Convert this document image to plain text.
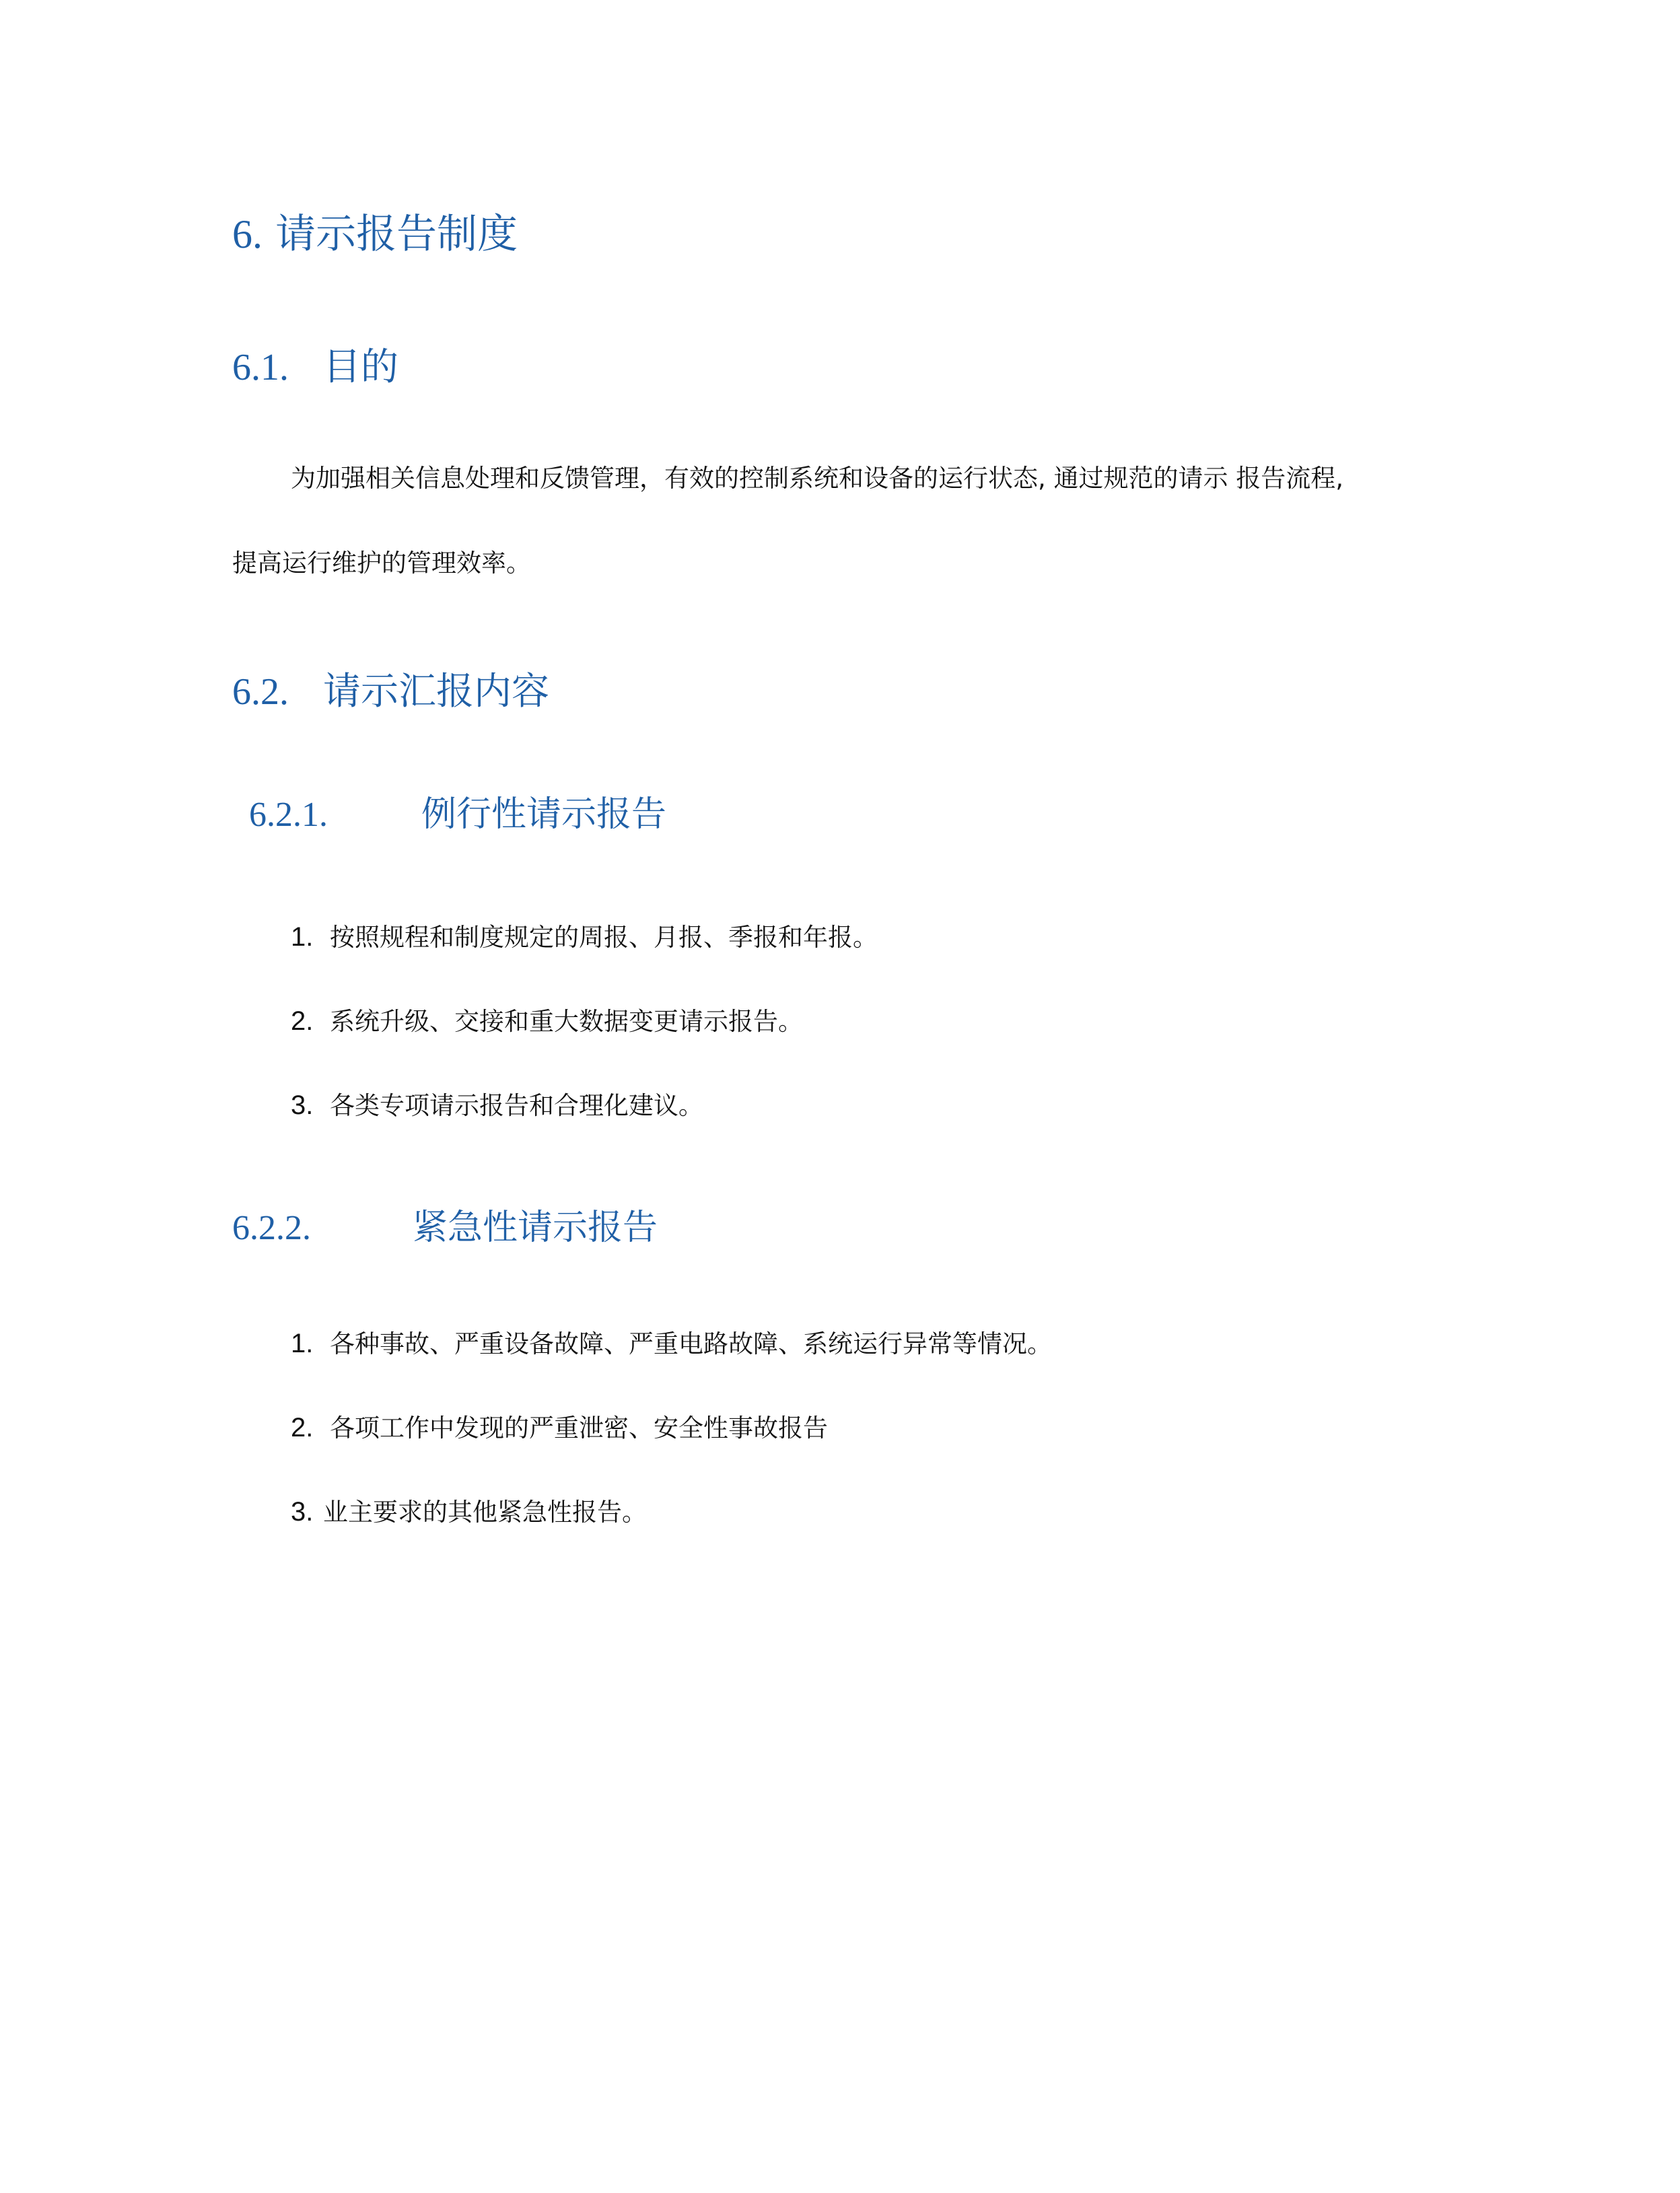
6. 请示报告制度
6.1. 目的
为加强相关信息处理和反馈管理，有效的控制系统和设备的运行状态, 通过规范的请示 报告流程,
提高运行维护的管理效率。
6.2. 请示汇报内容
6.2.1.	例行性请示报告
1. 按照规程和制度规定的周报、月报、季报和年报。
2. 系统升级、交接和重大数据变更请示报告。
3. 各类专项请示报告和合理化建议。
6.2.2.	紧急性请示报告
1. 各种事故、严重设备故障、严重电路故障、系统运行异常等情况。
2. 各项工作中发现的严重泄密、安全性事故报告
3. 业主要求的其他紧急性报告。
